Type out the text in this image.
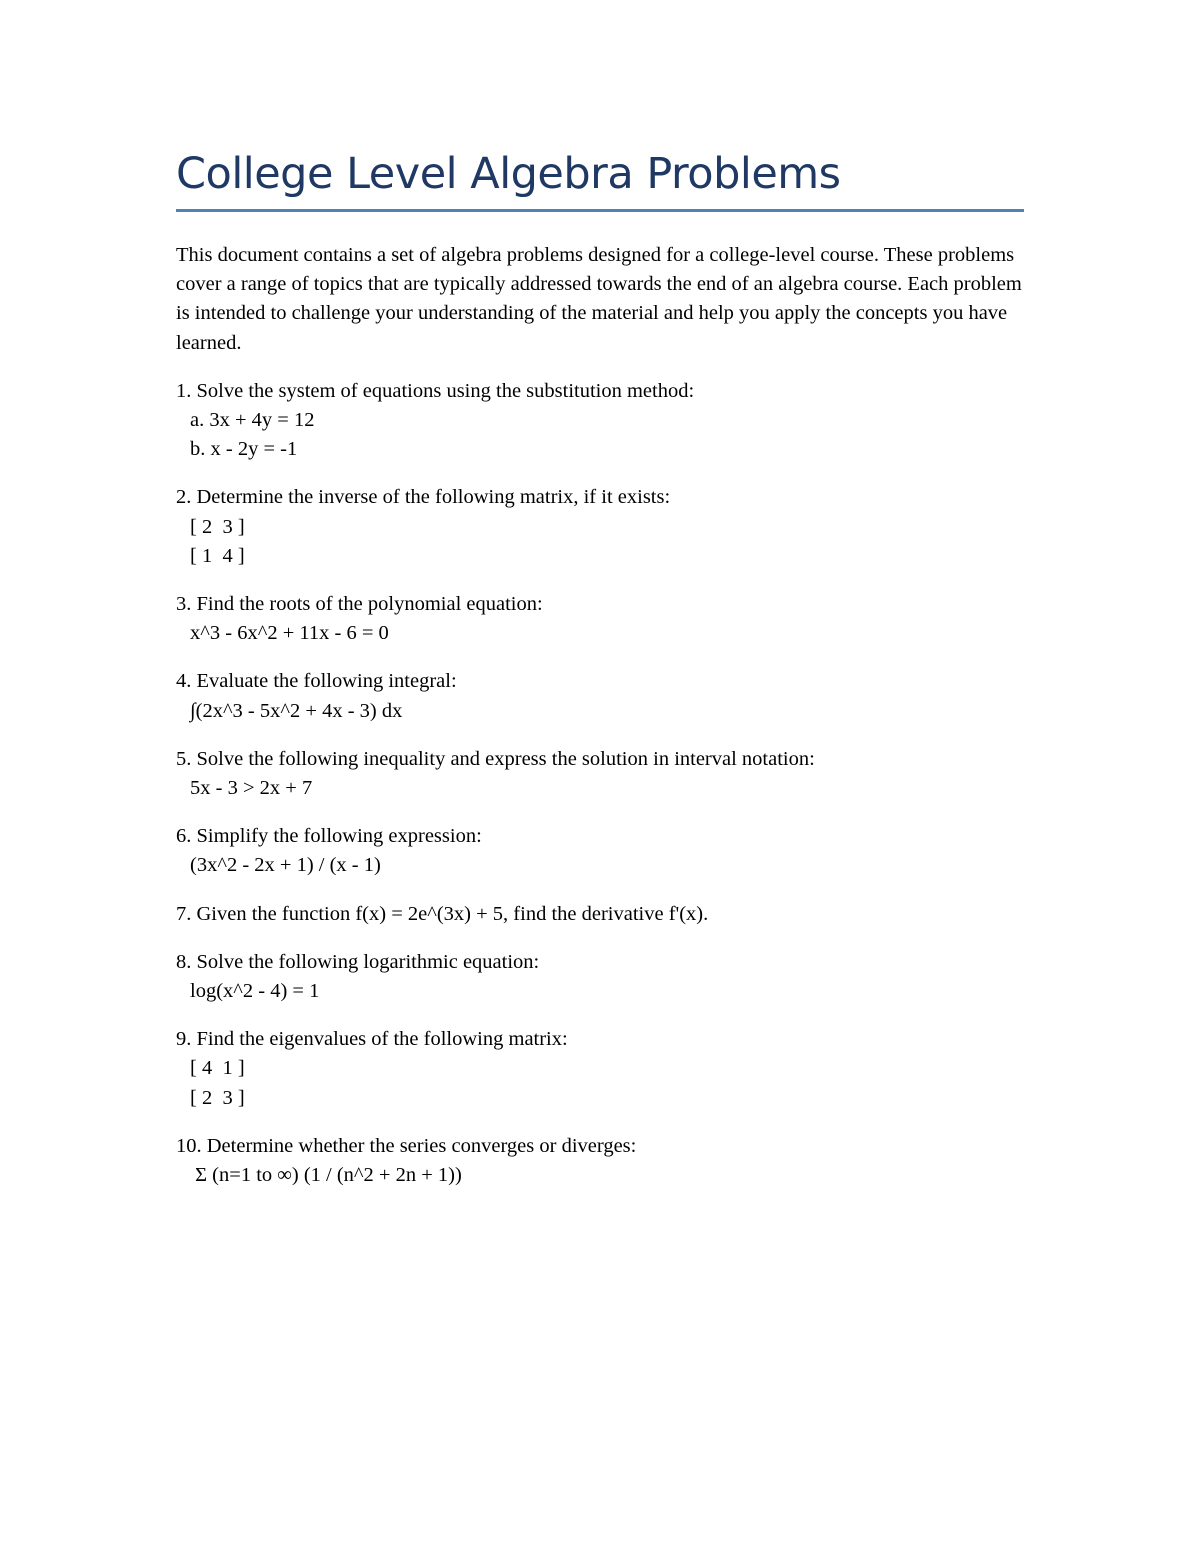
College Level Algebra Problems

This document contains a set of algebra problems designed for a college-level course. These problems cover a range of topics that are typically addressed towards the end of an algebra course. Each problem is intended to challenge your understanding of the material and help you apply the concepts you have learned.

1. Solve the system of equations using the substitution method:

a. 3x + 4y = 12

b. x - 2y = -1

2. Determine the inverse of the following matrix, if it exists:

[ 2  3 ]

[ 1  4 ]

3. Find the roots of the polynomial equation:

x^3 - 6x^2 + 11x - 6 = 0

4. Evaluate the following integral:

∫(2x^3 - 5x^2 + 4x - 3) dx

5. Solve the following inequality and express the solution in interval notation:

5x - 3 > 2x + 7

6. Simplify the following expression:

(3x^2 - 2x + 1) / (x - 1)

7. Given the function f(x) = 2e^(3x) + 5, find the derivative f'(x).

8. Solve the following logarithmic equation:

log(x^2 - 4) = 1

9. Find the eigenvalues of the following matrix:

[ 4  1 ]

[ 2  3 ]

10. Determine whether the series converges or diverges:

Σ (n=1 to ∞) (1 / (n^2 + 2n + 1))
